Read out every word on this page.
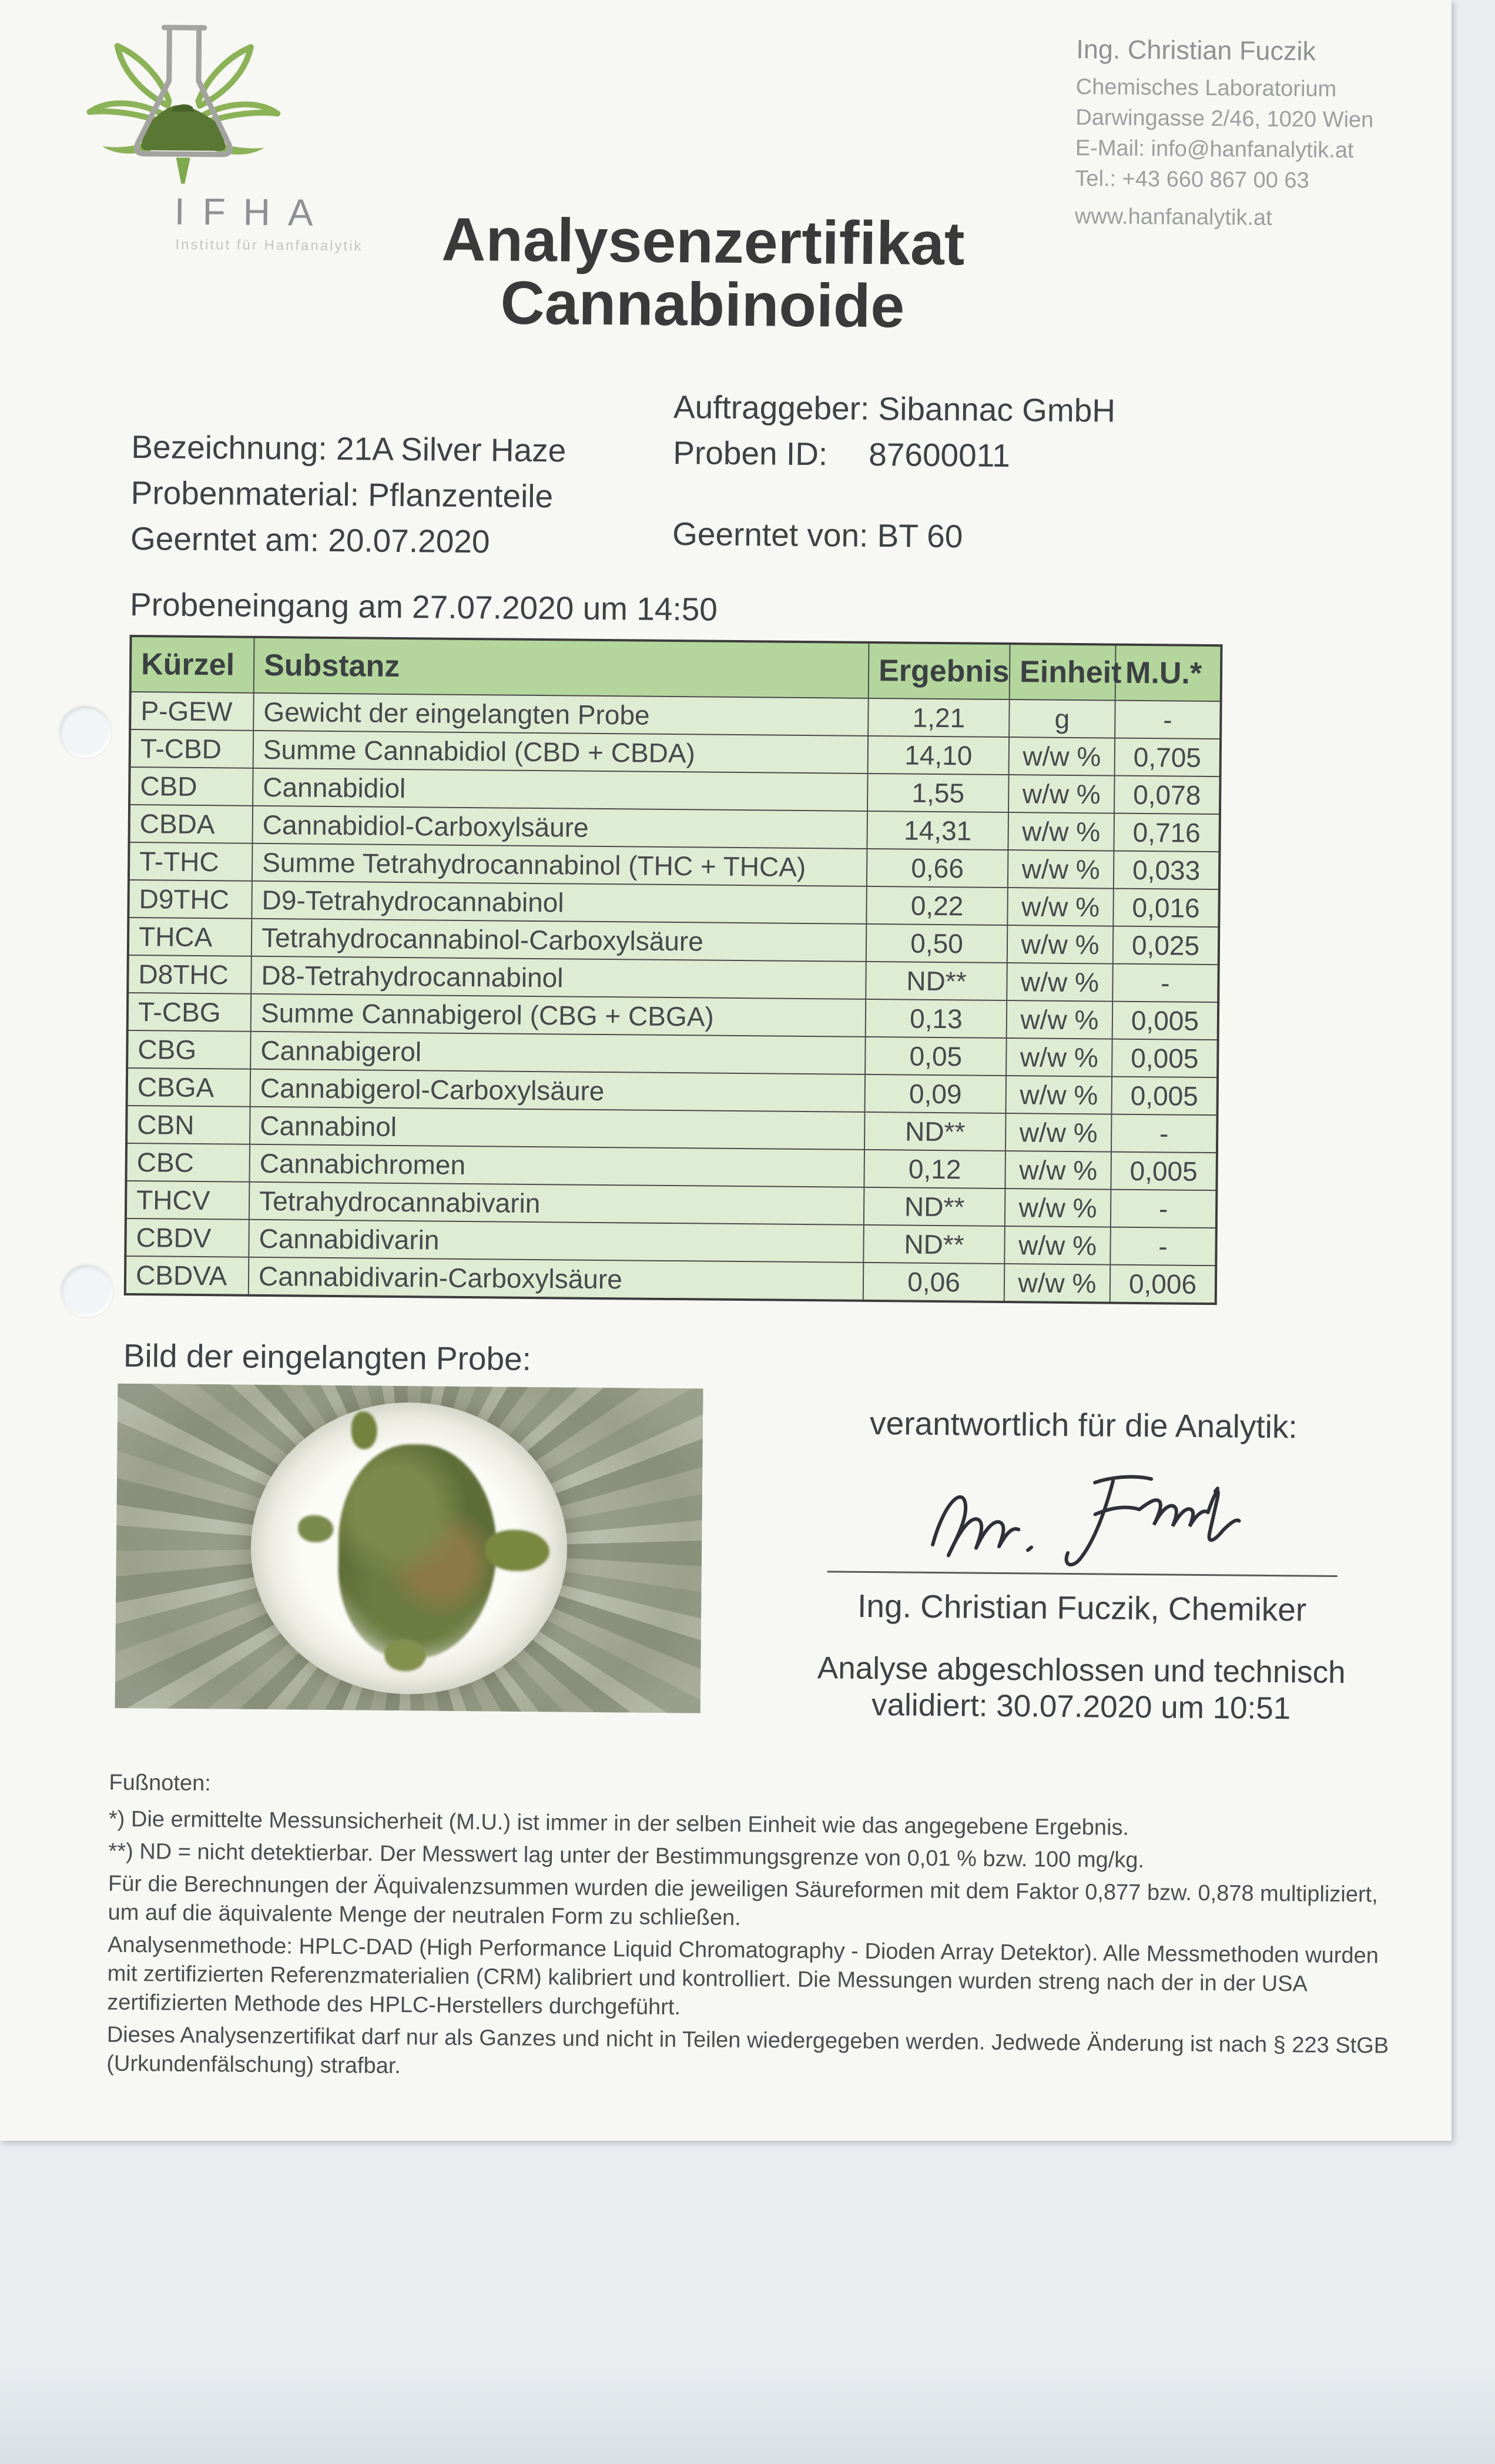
IFHA
Institut für Hanfanalytik
Ing. Christian Fuczik
Chemisches Laboratorium
Darwingasse 2/46, 1020 Wien
E-Mail: info@hanfanalytik.at
Tel.: +43 660 867 00 63
www.hanfanalytik.at
Analysenzertifikat
Cannabinoide
Bezeichnung: 21A Silver Haze
Probenmaterial: Pflanzenteile
Geerntet am: 20.07.2020
Auftraggeber: Sibannac GmbH
Proben ID: 87600011
Geerntet von: BT 60
Probeneingang am 27.07.2020 um 14:50
Kürzel	Substanz	Ergebnis	Einheit	M.U.*
P-GEW	Gewicht der eingelangten Probe	1,21	g	-
T-CBD	Summe Cannabidiol (CBD + CBDA)	14,10	w/w %	0,705
CBD	Cannabidiol	1,55	w/w %	0,078
CBDA	Cannabidiol-Carboxylsäure	14,31	w/w %	0,716
T-THC	Summe Tetrahydrocannabinol (THC + THCA)	0,66	w/w %	0,033
D9THC	D9-Tetrahydrocannabinol	0,22	w/w %	0,016
THCA	Tetrahydrocannabinol-Carboxylsäure	0,50	w/w %	0,025
D8THC	D8-Tetrahydrocannabinol	ND**	w/w %	-
T-CBG	Summe Cannabigerol (CBG + CBGA)	0,13	w/w %	0,005
CBG	Cannabigerol	0,05	w/w %	0,005
CBGA	Cannabigerol-Carboxylsäure	0,09	w/w %	0,005
CBN	Cannabinol	ND**	w/w %	-
CBC	Cannabichromen	0,12	w/w %	0,005
THCV	Tetrahydrocannabivarin	ND**	w/w %	-
CBDV	Cannabidivarin	ND**	w/w %	-
CBDVA	Cannabidivarin-Carboxylsäure	0,06	w/w %	0,006
Bild der eingelangten Probe:
verantwortlich für die Analytik:
Ing. Christian Fuczik, Chemiker
Analyse abgeschlossen und technisch
validiert: 30.07.2020 um 10:51
Fußnoten:

*) Die ermittelte Messunsicherheit (M.U.) ist immer in der selben Einheit wie das angegebene Ergebnis.

**) ND = nicht detektierbar. Der Messwert lag unter der Bestimmungsgrenze von 0,01 % bzw. 100 mg/kg.

Für die Berechnungen der Äquivalenzsummen wurden die jeweiligen Säureformen mit dem Faktor 0,877 bzw. 0,878 multipliziert, um auf die äquivalente Menge der neutralen Form zu schließen.

Analysenmethode: HPLC-DAD (High Performance Liquid Chromatography - Dioden Array Detektor). Alle Messmethoden wurden mit zertifizierten Referenzmaterialien (CRM) kalibriert und kontrolliert. Die Messungen wurden streng nach der in der USA zertifizierten Methode des HPLC-Herstellers durchgeführt.

Dieses Analysenzertifikat darf nur als Ganzes und nicht in Teilen wiedergegeben werden. Jedwede Änderung ist nach § 223 StGB (Urkundenfälschung) strafbar.
